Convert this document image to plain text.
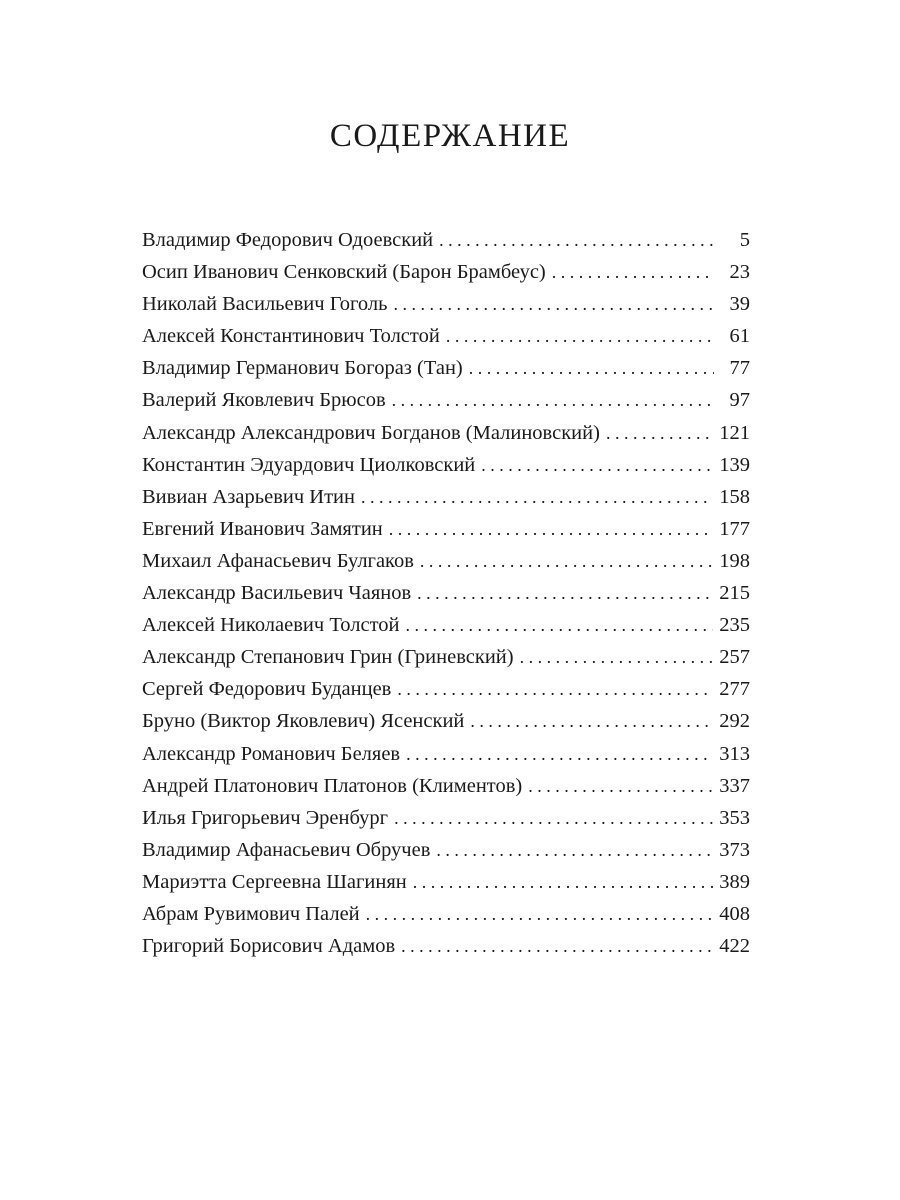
СОДЕРЖАНИЕ
Владимир Федорович Одоевский . . .	5
Осип Иванович Сенковский (Барон Брамбеус) . . .	23
Николай Васильевич Гоголь . . .	39
Алексей Константинович Толстой . . .	61
Владимир Германович Богораз (Тан) . . .	77
Валерий Яковлевич Брюсов . . .	97
Александр Александрович Богданов (Малиновский) . . .	121
Константин Эдуардович Циолковский . . .	139
Вивиан Азарьевич Итин . . .	158
Евгений Иванович Замятин . . .	177
Михаил Афанасьевич Булгаков . . .	198
Александр Васильевич Чаянов . . .	215
Алексей Николаевич Толстой . . .	235
Александр Степанович Грин (Гриневский) . . .	257
Сергей Федорович Буданцев . . .	277
Бруно (Виктор Яковлевич) Ясенский . . .	292
Александр Романович Беляев . . .	313
Андрей Платонович Платонов (Климентов) . . .	337
Илья Григорьевич Эренбург . . .	353
Владимир Афанасьевич Обручев . . .	373
Мариэтта Сергеевна Шагинян . . .	389
Абрам Рувимович Палей . . .	408
Григорий Борисович Адамов . . .	422
